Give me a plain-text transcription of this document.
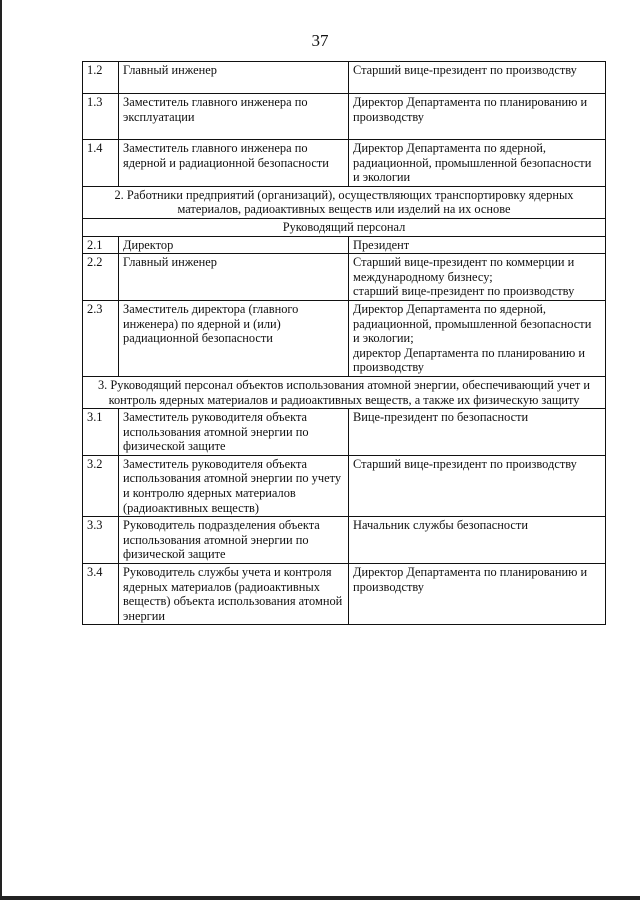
37
1.2	Главный инженер	Старший вице-президент по производству
1.3	Заместитель главного инженера по эксплуатации	Директор Департамента по планированию и производству
1.4	Заместитель главного инженера по ядерной и радиационной безопасности	Директор Департамента по ядерной, радиационной, промышленной безопасности и экологии

2. Работники предприятий (организаций), осуществляющих транспортировку ядерных
материалов, радиоактивных веществ или изделий на их основе		

Руководящий персонал		
2.1	Директор	Президент
2.2	Главный инженер	Старший вице-президент по коммерции и международному бизнесу;
старший вице-президент по производству

2.3	Заместитель директора (главного инженера) по ядерной и (или) радиационной безопасности	Директор Департамента по ядерной, радиационной, промышленной безопасности и экологии;
директор Департамента по планированию и производству

3. Руководящий персонал объектов использования атомной энергии, обеспечивающий учет и
контроль ядерных материалов и радиоактивных веществ, а также их физическую защиту		

3.1	Заместитель руководителя объекта использования атомной энергии по физической защите	Вице-президент по безопасности
3.2	Заместитель руководителя объекта использования атомной энергии по учету и контролю ядерных материалов (радиоактивных веществ)	Старший вице-президент по производству
3.3	Руководитель подразделения объекта использования атомной энергии по физической защите	Начальник службы безопасности
3.4	Руководитель службы учета и контроля ядерных материалов (радиоактивных веществ) объекта использования атомной энергии	Директор Департамента по планированию и производству
